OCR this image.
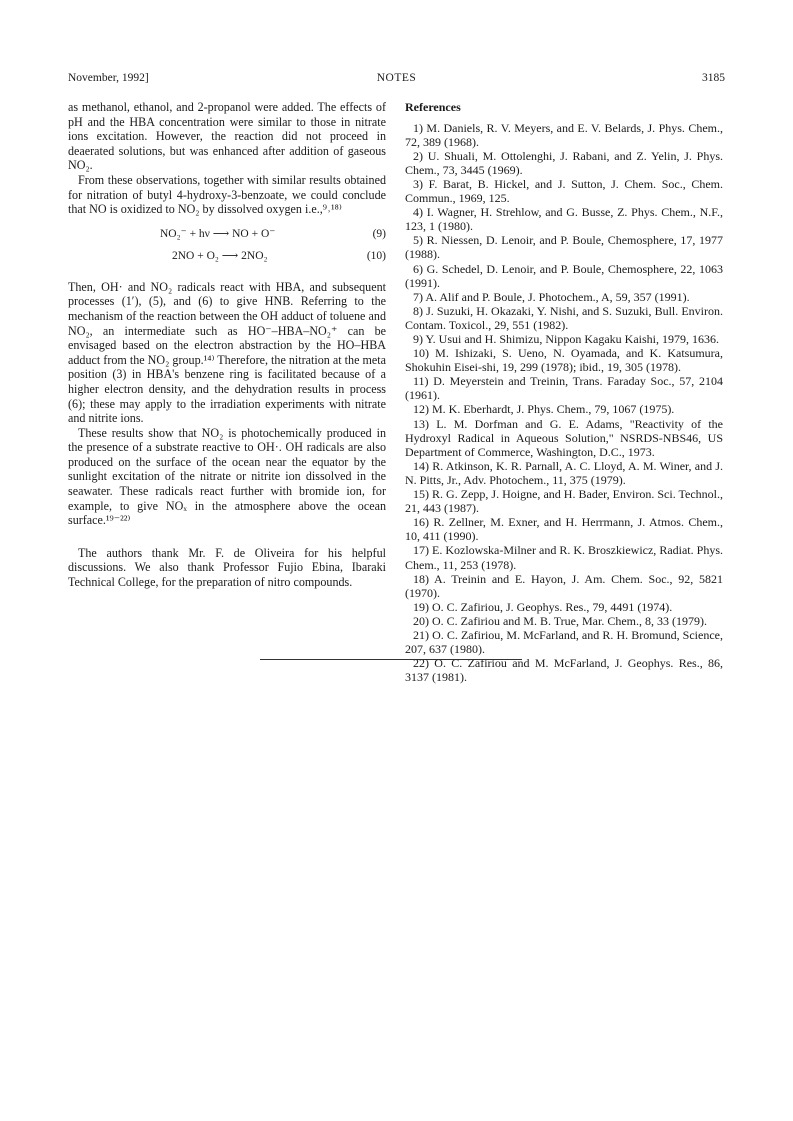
November, 1992]	NOTES	3185

as methanol, ethanol, and 2-propanol were added. The effects of pH and the HBA concentration were similar to those in nitrate ions excitation. However, the reaction did not proceed in deaerated solutions, but was enhanced after addition of gaseous NO₂.

From these observations, together with similar results obtained for nitration of butyl 4-hydroxy-3-benzoate, we could conclude that NO is oxidized to NO₂ by dissolved oxygen i.e.,⁹˒¹⁸⁾

NO₂⁻ + hν ⟶ NO + O⁻	(9)
2NO + O₂ ⟶ 2NO₂	(10)

Then, OH· and NO₂ radicals react with HBA, and subsequent processes (1′), (5), and (6) to give HNB. Referring to the mechanism of the reaction between the OH adduct of toluene and NO₂, an intermediate such as HO⁻–HBA–NO₂⁺ can be envisaged based on the electron abstraction by the HO–HBA adduct from the NO₂ group.¹⁴⁾ Therefore, the nitration at the meta position (3) in HBA's benzene ring is facilitated because of a higher electron density, and the dehydration results in process (6); these may apply to the irradiation experiments with nitrate and nitrite ions.

These results show that NO₂ is photochemically produced in the presence of a substrate reactive to OH·. OH radicals are also produced on the surface of the ocean near the equator by the sunlight excitation of the nitrate or nitrite ion dissolved in the seawater. These radicals react further with bromide ion, for example, to give NOₓ in the atmosphere above the ocean surface.¹⁹⁻²²⁾

The authors thank Mr. F. de Oliveira for his helpful discussions. We also thank Professor Fujio Ebina, Ibaraki Technical College, for the preparation of nitro compounds.

References

1) M. Daniels, R. V. Meyers, and E. V. Belards, J. Phys. Chem., 72, 389 (1968).

2) U. Shuali, M. Ottolenghi, J. Rabani, and Z. Yelin, J. Phys. Chem., 73, 3445 (1969).

3) F. Barat, B. Hickel, and J. Sutton, J. Chem. Soc., Chem. Commun., 1969, 125.

4) I. Wagner, H. Strehlow, and G. Busse, Z. Phys. Chem., N.F., 123, 1 (1980).

5) R. Niessen, D. Lenoir, and P. Boule, Chemosphere, 17, 1977 (1988).

6) G. Schedel, D. Lenoir, and P. Boule, Chemosphere, 22, 1063 (1991).

7) A. Alif and P. Boule, J. Photochem., A, 59, 357 (1991).

8) J. Suzuki, H. Okazaki, Y. Nishi, and S. Suzuki, Bull. Environ. Contam. Toxicol., 29, 551 (1982).

9) Y. Usui and H. Shimizu, Nippon Kagaku Kaishi, 1979, 1636.

10) M. Ishizaki, S. Ueno, N. Oyamada, and K. Katsumura, Shokuhin Eisei-shi, 19, 299 (1978); ibid., 19, 305 (1978).

11) D. Meyerstein and Treinin, Trans. Faraday Soc., 57, 2104 (1961).

12) M. K. Eberhardt, J. Phys. Chem., 79, 1067 (1975).

13) L. M. Dorfman and G. E. Adams, "Reactivity of the Hydroxyl Radical in Aqueous Solution," NSRDS-NBS46, US Department of Commerce, Washington, D.C., 1973.

14) R. Atkinson, K. R. Parnall, A. C. Lloyd, A. M. Winer, and J. N. Pitts, Jr., Adv. Photochem., 11, 375 (1979).

15) R. G. Zepp, J. Hoigne, and H. Bader, Environ. Sci. Technol., 21, 443 (1987).

16) R. Zellner, M. Exner, and H. Herrmann, J. Atmos. Chem., 10, 411 (1990).

17) E. Kozlowska-Milner and R. K. Broszkiewicz, Radiat. Phys. Chem., 11, 253 (1978).

18) A. Treinin and E. Hayon, J. Am. Chem. Soc., 92, 5821 (1970).

19) O. C. Zafiriou, J. Geophys. Res., 79, 4491 (1974).

20) O. C. Zafiriou and M. B. True, Mar. Chem., 8, 33 (1979).

21) O. C. Zafiriou, M. McFarland, and R. H. Bromund, Science, 207, 637 (1980).

22) O. C. Zafiriou and M. McFarland, J. Geophys. Res., 86, 3137 (1981).
